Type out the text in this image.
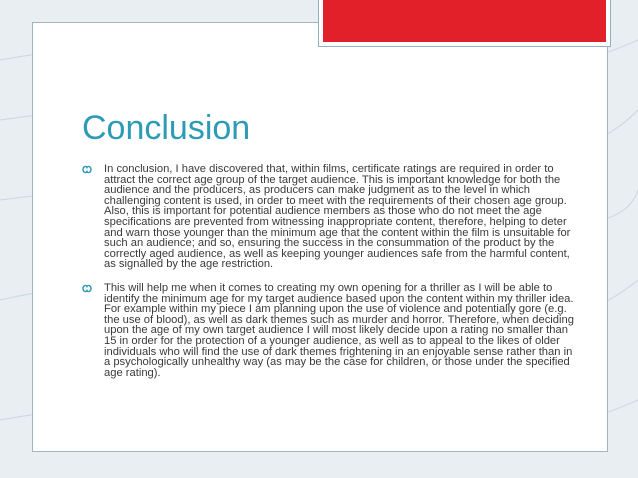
Conclusion
In conclusion, I have discovered that, within films, certificate ratings are required in order to attract the correct age group of the target audience. This is important knowledge for both the audience and the producers, as producers can make judgment as to the level in which challenging content is used, in order to meet with the requirements of their chosen age group. Also, this is important for potential audience members as those who do not meet the age specifications are prevented from witnessing inappropriate content, therefore, helping to deter and warn those younger than the minimum age that the content within the film is unsuitable for such an audience; and so, ensuring the success in the consummation of the product by the correctly aged audience, as well as keeping younger audiences safe from the harmful content, as signalled by the age restriction.
This will help me when it comes to creating my own opening for a thriller as I will be able to identify the minimum age for my target audience based upon the content within my thriller idea. For example within my piece I am planning upon the use of violence and potentially gore (e.g. the use of blood), as well as dark themes such as murder and horror. Therefore, when deciding upon the age of my own target audience I will most likely decide upon a rating no smaller than 15 in order for the protection of a younger audience, as well as to appeal to the likes of older individuals who will find the use of dark themes frightening in an enjoyable sense rather than in a psychologically unhealthy way (as may be the case for children, or those under the specified age rating).
